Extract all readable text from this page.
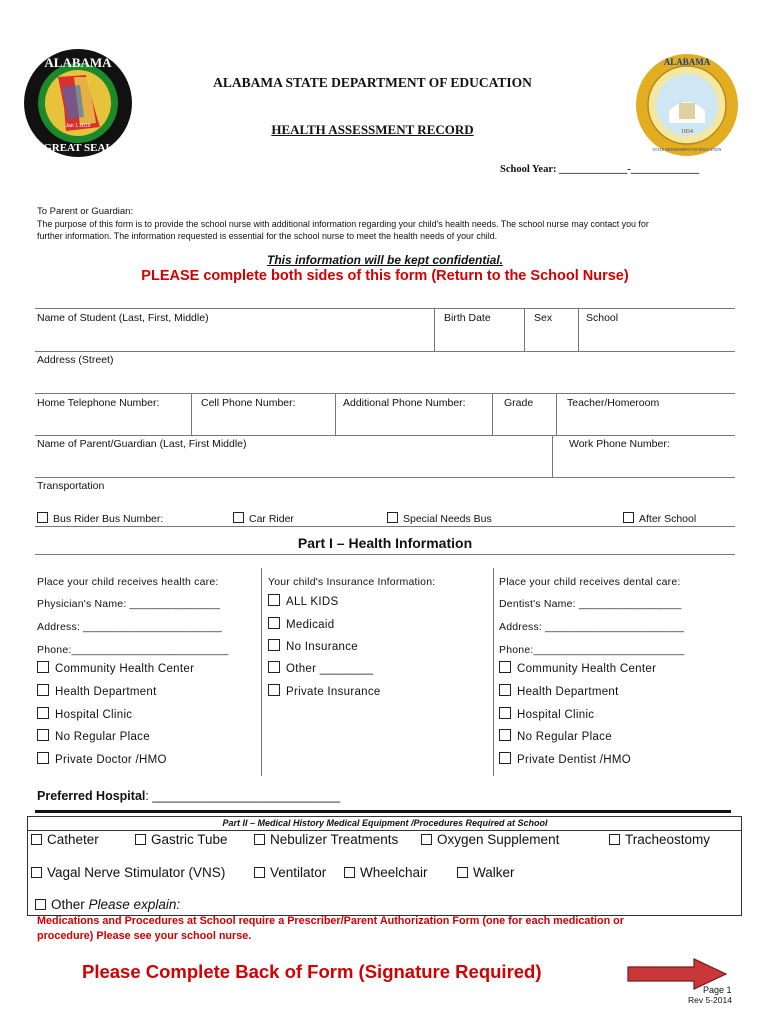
ALABAMA
GREAT SEAL
Jan 1 2019
ALABAMA
STATE DEPARTMENT OF EDUCATION
1854
ALABAMA STATE DEPARTMENT OF EDUCATION
HEALTH ASSESSMENT RECORD
School Year: _____________-_____________
To Parent or Guardian:
The purpose of this form is to provide the school nurse with additional information regarding your child's health needs. The school nurse may contact you for
further information. The information requested is essential for the school nurse to meet the health needs of your child.
This information will be kept confidential.
PLEASE complete both sides of this form (Return to the School Nurse)
Name of Student (Last, First, Middle)	Birth Date	Sex	School
Address (Street)
Home Telephone Number:	Cell Phone Number:	Additional Phone Number:	Grade	Teacher/Homeroom
Name of Parent/Guardian (Last, First Middle)	Work Phone Number:
Transportation
Bus Rider Bus Number:	Car Rider	Special Needs Bus	After School
Part I – Health Information
Place your child receives health care:	Your child's Insurance Information:	Place your child receives dental care:
Physician's Name: _______________
Address: _______________________
Phone:__________________________
Dentist's Name: _________________
Address: _______________________
Phone:_________________________
Community Health Center
Health Department
Hospital Clinic
No Regular Place
Private Doctor /HMO
ALL KIDS
Medicaid
No Insurance
Other ________
Private Insurance
Community Health Center
Health Department
Hospital Clinic
No Regular Place
Private Dentist /HMO
Preferred Hospital: ___________________________
Part II – Medical History Medical Equipment /Procedures Required at School
Catheter	Gastric Tube	Nebulizer Treatments	Oxygen Supplement	Tracheostomy
Vagal Nerve Stimulator (VNS)	Ventilator	Wheelchair	Walker
Other Please explain:
Medications and Procedures at School require a Prescriber/Parent Authorization Form (one for each medication or
procedure) Please see your school nurse.
Please Complete Back of Form (Signature Required)
Page 1
Rev 5-2014
